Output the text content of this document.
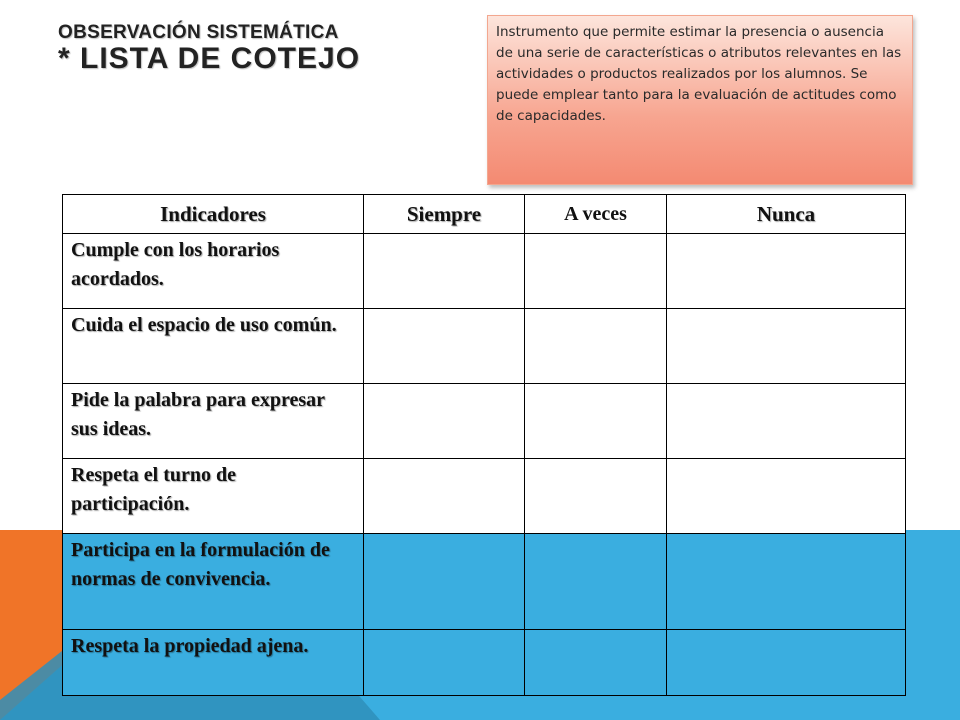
OBSERVACIÓN SISTEMÁTICA
* LISTA DE COTEJO
Instrumento que permite estimar la presencia o ausencia de una serie de características o atributos relevantes en las actividades o productos realizados por los alumnos. Se puede emplear tanto para la evaluación de actitudes como de capacidades.
Indicadores	Siempre	A veces	Nunca
Cumple con los horarios acordados.			
Cuida el espacio de uso común.			
Pide la palabra para expresar sus ideas.			
Respeta el turno de participación.			
Participa en la formulación de normas de convivencia.			
Respeta la propiedad ajena.			
